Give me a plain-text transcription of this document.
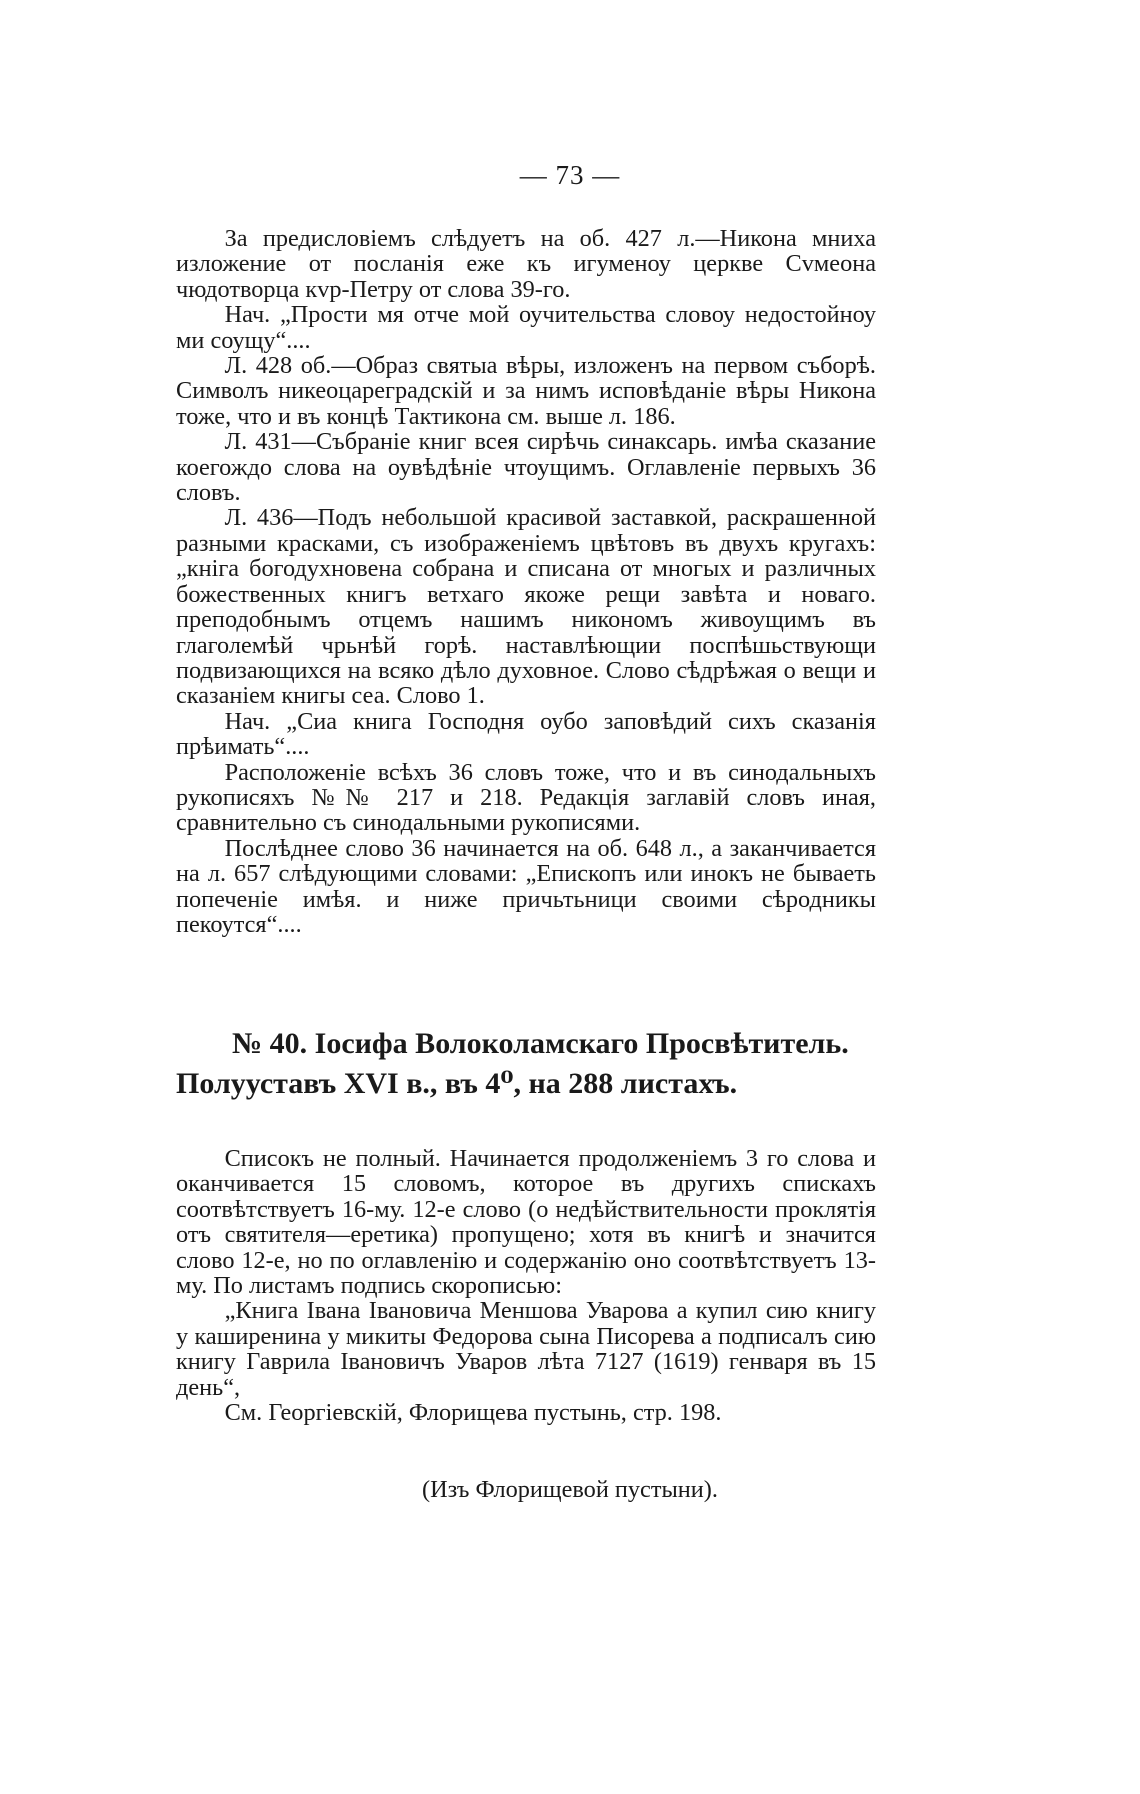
— 73 —

За предисловіемъ слѣдуетъ на об. 427 л.—Никона мниха изложение от посланія еже къ игуменоу церкве Сvмеона чюдотворца кvр-Петру от слова 39-го.

Нач. „Прости мя отче мой оучительства словоу недостойноу ми соущу“....

Л. 428 об.—Образ святыа вѣры, изложенъ на первом съборѣ. Символъ никеоцареградскій и за нимъ исповѣданіе вѣры Никона тоже, что и въ концѣ Тактикона см. выше л. 186.

Л. 431—Събраніе книг всея сирѣчь синаксарь. имѣа сказание коегождо слова на оувѣдѣніе чтоущимъ. Оглавленіе первыхъ 36 словъ.

Л. 436—Подъ небольшой красивой заставкой, раскрашенной разными красками, съ изображеніемъ цвѣтовъ въ двухъ кругахъ: „кніга богодухновена собрана и списана от многых и различных божественных книгъ ветхаго якоже рещи завѣта и новаго. преподобнымъ отцемъ нашимъ никономъ живоущимъ въ глаголемѣй чрьнѣй горѣ. наставлѣющии поспѣшьствующи подвизающихся на всяко дѣло духовное. Слово сѣдрѣжая о вещи и сказаніем книгы сеа. Слово 1.

Нач. „Сиа книга Господня оубо заповѣдий сихъ сказанія прѣимать“....

Расположеніе всѣхъ 36 словъ тоже, что и въ синодальныхъ рукописяхъ №№ 217 и 218. Редакція заглавій словъ иная, сравнительно съ синодальными рукописями.

Послѣднее слово 36 начинается на об. 648 л., а заканчивается на л. 657 слѣдующими словами: „Епископъ или инокъ не бываеть попеченіе имѣя. и ниже причьтьници своими сѣродникы пекоутся“....

№ 40. Іосифа Волоколамскаго Просвѣтитель.
Полууставъ XVI в., въ 4⁰, на 288 листахъ.

Списокъ не полный. Начинается продолженіемъ 3 го слова и оканчивается 15 словомъ, которое въ другихъ спискахъ соотвѣтствуетъ 16-му. 12-е слово (о недѣйствительности проклятія отъ святителя—еретика) пропущено; хотя въ книгѣ и значится слово 12-е, но по оглавленію и содержанію оно соотвѣтствуетъ 13-му. По листамъ подпись скорописью:

„Книга Івана Івановича Меншова Уварова а купил сию книгу у каширенина у микиты Федорова сына Писорева а подписалъ сию книгу Гаврила Івановичъ Уваров лѣта 7127 (1619) генваря въ 15 день“,

См. Георгіевскій, Флорищева пустынь, стр. 198.

(Изъ Флорищевой пустыни).
